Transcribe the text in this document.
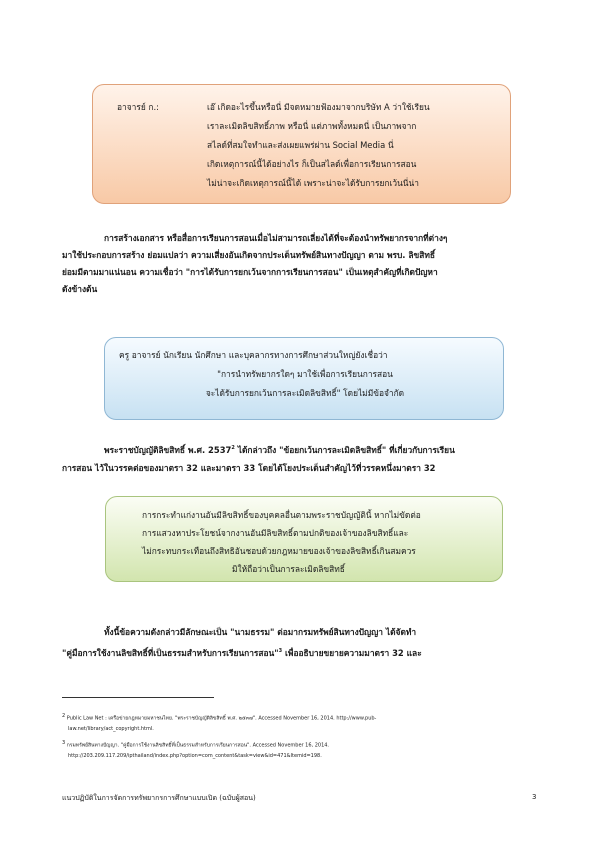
อาจารย์ ก.:	เอ๊ เกิดอะไรขึ้นหรือนี่ มีจดหมายฟ้องมาจากบริษัท A ว่าใช้เรียน
เราละเมิดลิขสิทธิ์ภาพ หรือนี่ แต่ภาพทั้งหมดนี่ เป็นภาพจาก
สไลด์ที่สมใจทำและส่งเผยแพร่ผ่าน Social Media นี่
เกิดเหตุการณ์นี้ได้อย่างไร ก็เป็นสไลด์เพื่อการเรียนการสอน
ไม่น่าจะเกิดเหตุการณ์นี้ได้ เพราะน่าจะได้รับการยกเว้นนี่น่า
การสร้างเอกสาร หรือสื่อการเรียนการสอนเมื่อไม่สามารถเลี่ยงได้ที่จะต้องนำทรัพยากรจากที่ต่างๆ
มาใช้ประกอบการสร้าง ย่อมแปลว่า ความเสี่ยงอันเกิดจากประเด็นทรัพย์สินทางปัญญา ตาม พรบ. ลิขสิทธิ์
ย่อมมีตามมาแน่นอน ความเชื่อว่า "การได้รับการยกเว้นจากการเรียนการสอน" เป็นเหตุสำคัญที่เกิดปัญหา
ดังข้างต้น
ครู อาจารย์ นักเรียน นักศึกษา และบุคลากรทางการศึกษาส่วนใหญ่ยังเชื่อว่า
"การนำทรัพยากรใดๆ มาใช้เพื่อการเรียนการสอน
จะได้รับการยกเว้นการละเมิดลิขสิทธิ์" โดยไม่มีข้อจำกัด
พระราชบัญญัติลิขสิทธิ์ พ.ศ. 2537$^2$ ได้กล่าวถึง "ข้อยกเว้นการละเมิดลิขสิทธิ์" ที่เกี่ยวกับการเรียน
การสอน ไว้ในวรรคต่อของมาตรา 32 และมาตรา 33 โดยได้โยงประเด็นสำคัญไว้ที่วรรคหนึ่งมาตรา 32
การกระทำแก่งานอันมีลิขสิทธิ์ของบุคคลอื่นตามพระราชบัญญัตินี้ หากไม่ขัดต่อ
การแสวงหาประโยชน์จากงานอันมีลิขสิทธิ์ตามปกติของเจ้าของลิขสิทธิ์และ
ไม่กระทบกระเทือนถึงสิทธิอันชอบด้วยกฎหมายของเจ้าของลิขสิทธิ์เกินสมควร
มิให้ถือว่าเป็นการละเมิดลิขสิทธิ์
ทั้งนี้ข้อความดังกล่าวมีลักษณะเป็น "นามธรรม" ต่อมากรมทรัพย์สินทางปัญญา ได้จัดทำ
"คู่มือการใช้งานลิขสิทธิ์ที่เป็นธรรมสำหรับการเรียนการสอน"$^3$ เพื่ออธิบายขยายความมาตรา 32 และ
2 Public Law Net : เครือข่ายกฎหมายมหาชนไทย. "พระราชบัญญัติลิขสิทธิ์ พ.ศ. ๒๕๓๗". Accessed November 16, 2014. http://www.pub-
law.net/library/act_copyright.html.
3 กรมทรัพย์สินทางปัญญา. "คู่มือการใช้งานลิขสิทธิ์ที่เป็นธรรมสำหรับการเรียนการสอน". Accessed November 16, 2014.
http://203.209.117.209/ipthailand/index.php?option=com_content&task=view&id=471&Itemid=198.
แนวปฏิบัติในการจัดการทรัพยากรการศึกษาแบบเปิด (ฉบับผู้สอน)	3
